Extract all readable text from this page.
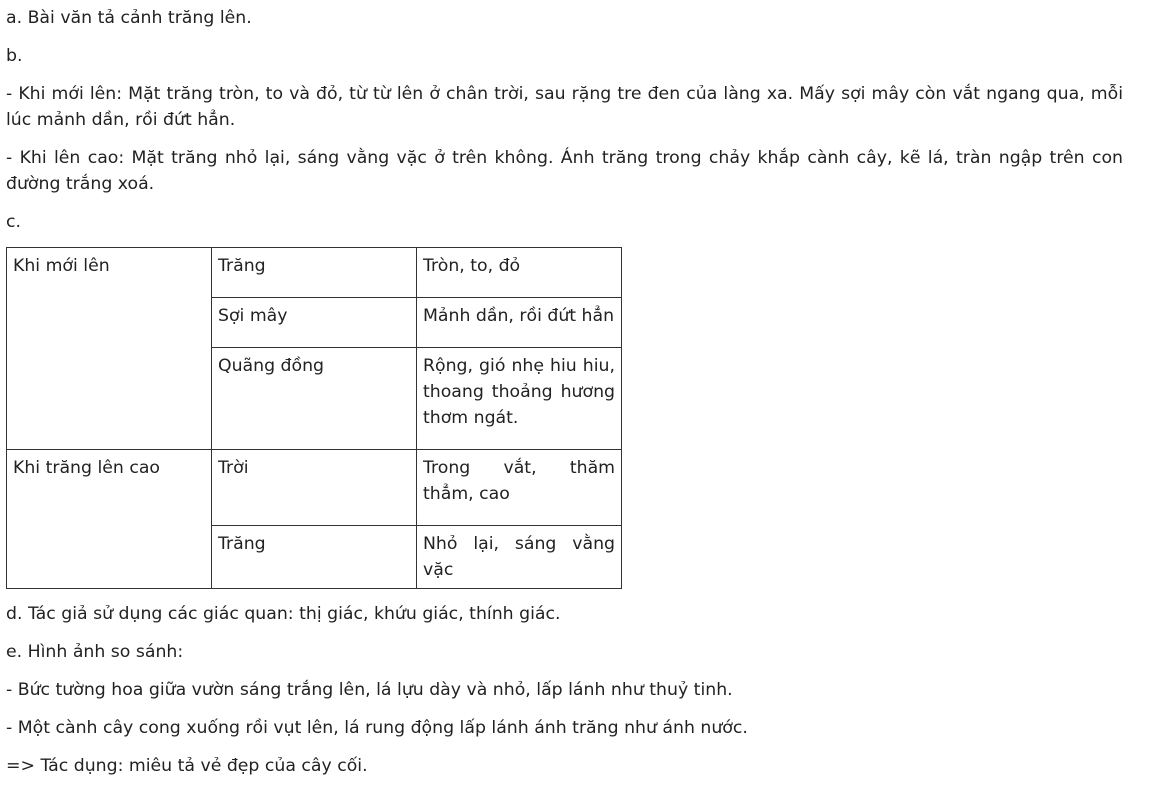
a. Bài văn tả cảnh trăng lên.

b.

- Khi mới lên: Mặt trăng tròn, to và đỏ, từ từ lên ở chân trời, sau rặng tre đen của làng xa. Mấy sợi mây còn vắt ngang qua, mỗi lúc mảnh dần, rồi đứt hẳn.

- Khi lên cao: Mặt trăng nhỏ lại, sáng vằng vặc ở trên không. Ánh trăng trong chảy khắp cành cây, kẽ lá, tràn ngập trên con đường trắng xoá.

c.

Khi mới lên	Trăng	Tròn, to, đỏ
	Sợi mây	Mảnh dần, rồi đứt hẳn
	Quãng đồng	Rộng, gió nhẹ hiu hiu, thoang thoảng hương thơm ngát.
Khi trăng lên cao	Trời	Trong vắt, thăm thẳm, cao
	Trăng	Nhỏ lại, sáng vằng vặc

d. Tác giả sử dụng các giác quan: thị giác, khứu giác, thính giác.

e. Hình ảnh so sánh:

- Bức tường hoa giữa vườn sáng trắng lên, lá lựu dày và nhỏ, lấp lánh như thuỷ tinh.

- Một cành cây cong xuống rồi vụt lên, lá rung động lấp lánh ánh trăng như ánh nước.

=> Tác dụng: miêu tả vẻ đẹp của cây cối.
